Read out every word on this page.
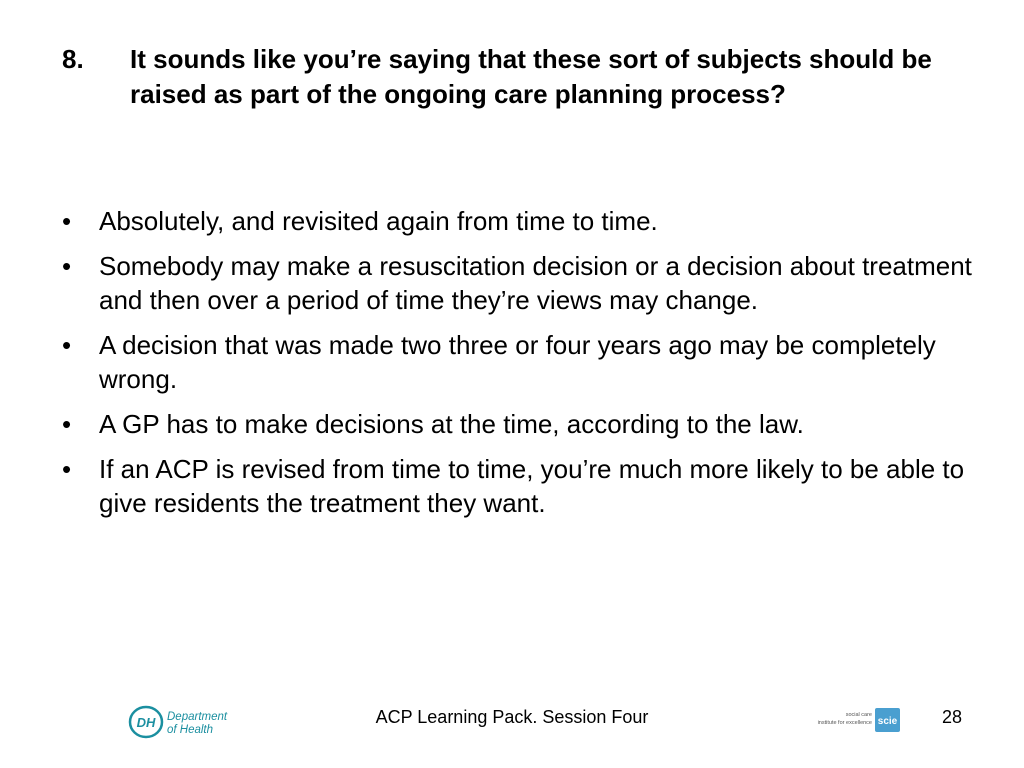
8.	It sounds like you’re saying that these sort of subjects should be raised as part of the ongoing care planning process?
•	Absolutely, and revisited again from time to time.
•	Somebody may make a resuscitation decision or a decision about treatment and then over a period of time they’re views may change.
•	A decision that was made two three or four years ago may be completely wrong.
•	A GP has to make decisions at the time, according to the law.
•	If an ACP is revised from time to time, you’re much more likely to be able to give residents the treatment they want.
DH Department
of Health
ACP Learning Pack. Session Four	social care
institute for excellence scie 28
